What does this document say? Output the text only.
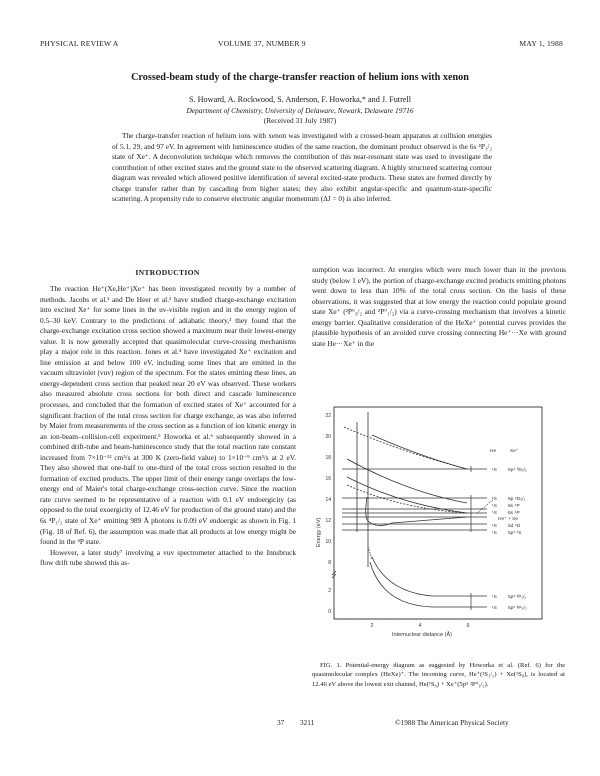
PHYSICAL REVIEW A	VOLUME 37, NUMBER 9	MAY 1, 1988
Crossed-beam study of the charge-transfer reaction of helium ions with xenon
S. Howard, A. Rockwood, S. Anderson, F. Howorka,* and J. Futrell
Department of Chemistry, University of Delaware, Newark, Delaware 19716
(Received 31 July 1987)
The charge-transfer reaction of helium ions with xenon was investigated with a crossed-beam apparatus at collision energies of 5.1, 29, and 97 eV. In agreement with luminescence studies of the same reaction, the dominant product observed is the 6s ⁴P₁/₂ state of Xe⁺. A deconvolution technique which removes the contribution of this near-resonant state was used to investigate the contribution of other excited states and the ground state to the observed scattering diagram. A highly structured scattering contour diagram was revealed which allowed positive identification of several excited-state products. These states are formed directly by charge transfer rather than by cascading from higher states; they also exhibit angular-specific and quantum-state-specific scattering. A propensity rule to conserve electronic angular momentum (ΔJ = 0) is also inferred.
INTRODUCTION

The reaction He⁺(Xe,He⁺)Xe⁺ has been investigated recently by a number of methods. Jacobs et al.¹ and De Heer et al.² have studied charge-exchange excitation into excited Xe⁺ for some lines in the uv-visible region and in the energy region of 0.5–30 keV. Contrary to the predictions of adiabatic theory,³ they found that the charge-exchange excitation cross section showed a maximum near their lowest-energy value. It is now generally accepted that quasimolecular curve-crossing mechanisms play a major role in this reaction. Jones et al.⁴ have investigated Xe⁺ excitation and line emission at and below 100 eV, including some lines that are emitted in the vacuum ultraviolet (vuv) region of the spectrum. For the states emitting these lines, an energy-dependent cross section that peaked near 20 eV was observed. These workers also measured absolute cross sections for both direct and cascade luminescence processes, and concluded that the formation of excited states of Xe⁺ accounted for a significant fraction of the total cross section for charge exchange, as was also inferred by Maier from measurements of the cross section as a function of ion kinetic energy in an ion-beam–collision-cell experiment.⁵ Howorka et al.⁶ subsequently showed in a combined drift-tube and beam-luminescence study that the total reaction rate constant increased from 7×10⁻¹² cm³/s at 300 K (zero-field value) to 1×10⁻⁹ cm³/s at 2 eV. They also showed that one-half to one-third of the total cross section resulted in the formation of excited products. The upper limit of their energy range overlaps the low-energy end of Maier's total charge-exchange cross-section curve. Since the reaction rate curve seemed to be representative of a reaction with 0.1 eV endoergicity (as opposed to the total exoergicity of 12.46 eV for production of the ground state) and the 6s ⁴P₁/₂ state of Xe⁺ emitting 989 Å photons is 0.09 eV endoergic as shown in Fig. 1 (Fig. 18 of Ref. 6), the assumption was made that all products at low energy might be found in the ⁴P state.

However, a later study⁷ involving a vuv spectrometer attached to the Innsbruck flow drift tube showed this as-

sumption was incorrect. At energies which were much lower than in the previous study (below 1 eV), the portion of charge-exchange excited products emitting photons went down to less than 10% of the total cross section. On the basis of these observations, it was suggested that at low energy the reaction could populate ground state Xe⁺ (²P°₃/₂ and ²P°₁/₂) via a curve-crossing mechanism that involves a kinetic energy barrier. Qualitative consideration of the HeXe⁺ potential curves provides the plausible hypothesis of an avoided curve crossing connecting He⁺···Xe with ground state He···Xe⁺ in the

22
20
18
16
14
12
10
8
2
0
Energy (eV)
2	4	6
Internuclear distance (Å)
He	Xe⁺
¹S 5p⁴ ³D₅/₂
¹S 6p ⁴D₅/₂
¹S 6s ⁴P
¹S 6s ⁴P
He⁺ + Xe
¹S 5d ⁴D
¹S 5p⁵ ²S
¹S 5p⁵ ²P₁/₂
¹S 5p⁵ ²P₃/₂
FIG. 1. Potential-energy diagram as suggested by Howorka et al. (Ref. 6) for the quasimolecular complex (HeXe)⁺. The incoming curve, He⁺(²S₁/₂) + Xe(¹S₀), is located at 12.46 eV above the lowest exit channel, He(¹S₀) + Xe⁺(5p⁵ ²P°₃/₂).
37 3211	©1988 The American Physical Society
